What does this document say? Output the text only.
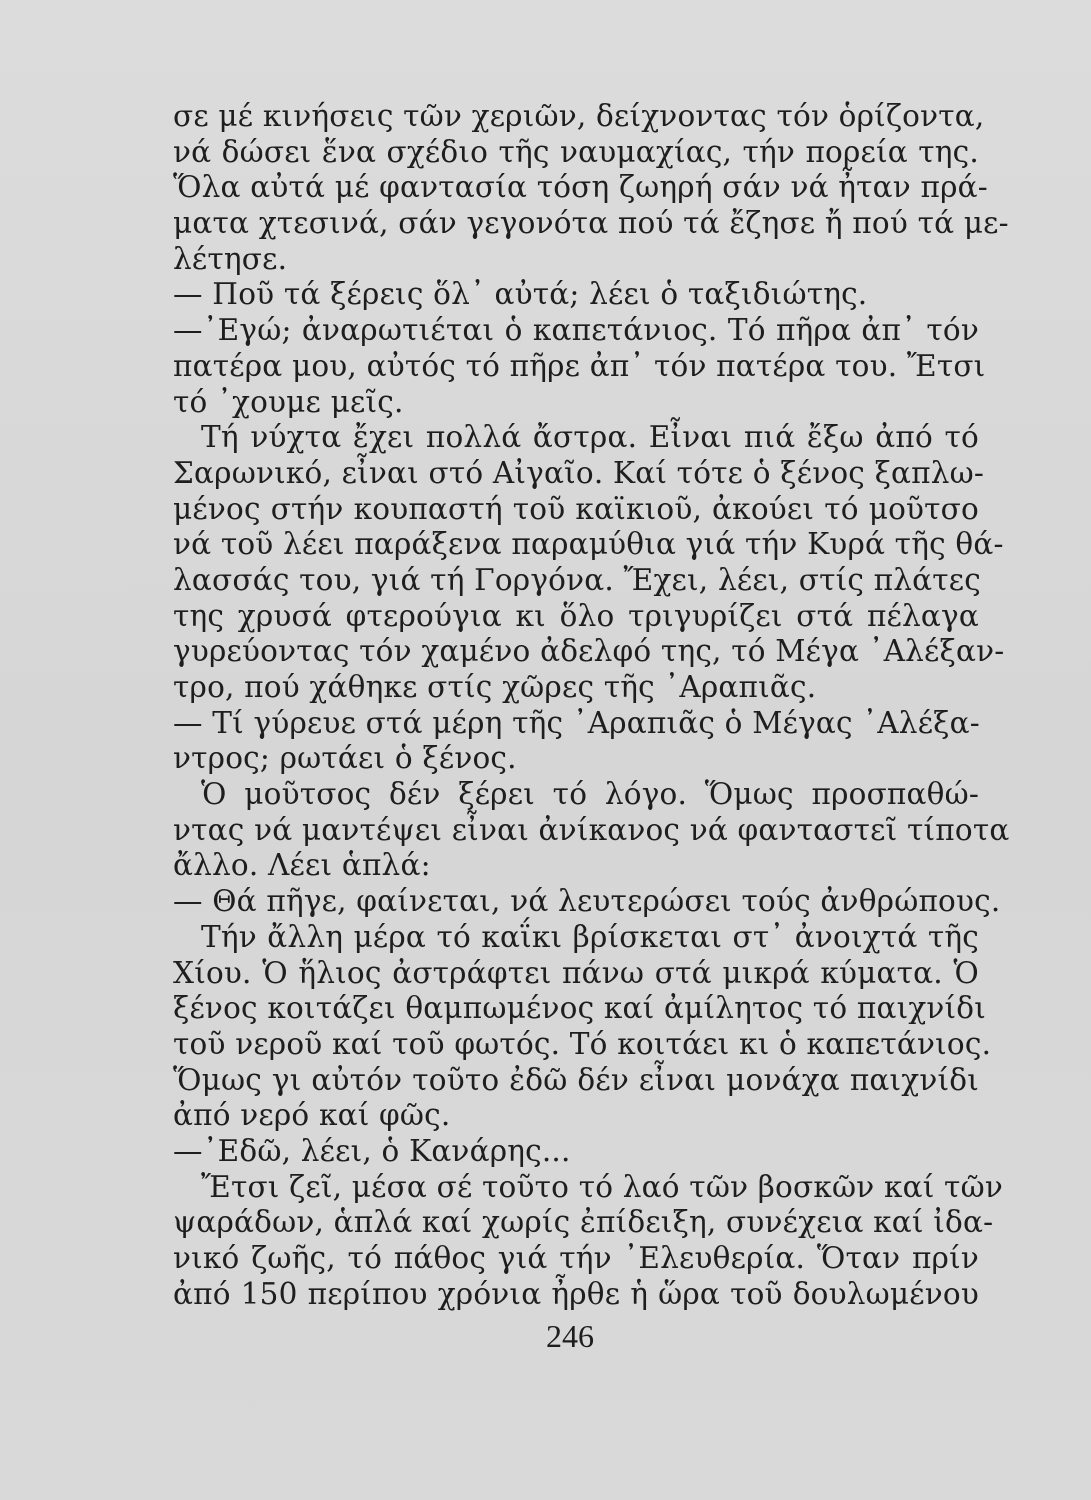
σε μέ κινήσεις τῶν χεριῶν, δείχνοντας τόν ὁρίζοντα,
νά δώσει ἕνα σχέδιο τῆς ναυμαχίας, τήν πορεία της.
Ὅλα αὐτά μέ φαντασία τόση ζωηρή σάν νά ἦταν πρά-
ματα χτεσινά, σάν γεγονότα πού τά ἔζησε ἤ πού τά με-
λέτησε.
— Ποῦ τά ξέρεις ὅλ᾽ αὐτά; λέει ὁ ταξιδιώτης.
—᾽Εγώ; ἀναρωτιέται ὁ καπετάνιος. Τό πῆρα ἀπ᾽ τόν
πατέρα μου, αὐτός τό πῆρε ἀπ᾽ τόν πατέρα του. Ἔτσι
τό ᾽χουμε μεῖς.
Τή νύχτα ἔχει πολλά ἄστρα. Εἶναι πιά ἔξω ἀπό τό
Σαρωνικό, εἶναι στό Αἰγαῖο. Καί τότε ὁ ξένος ξαπλω-
μένος στήν κουπαστή τοῦ καϊκιοῦ, ἀκούει τό μοῦτσο
νά τοῦ λέει παράξενα παραμύθια γιά τήν Κυρά τῆς θά-
λασσάς του, γιά τή Γοργόνα. Ἔχει, λέει, στίς πλάτες
της χρυσά φτερούγια κι ὅλο τριγυρίζει στά πέλαγα
γυρεύοντας τόν χαμένο ἀδελφό της, τό Μέγα ᾽Αλέξαν-
τρο, πού χάθηκε στίς χῶρες τῆς ᾽Αραπιᾶς.
— Τί γύρευε στά μέρη τῆς ᾽Αραπιᾶς ὁ Μέγας ᾽Αλέξα-
ντρος; ρωτάει ὁ ξένος.
Ὁ μοῦτσος δέν ξέρει τό λόγο. Ὅμως προσπαθώ-
ντας νά μαντέψει εἶναι ἀνίκανος νά φανταστεῖ τίποτα
ἄλλο. Λέει ἁπλά:
— Θά πῆγε, φαίνεται, νά λευτερώσει τούς ἀνθρώπους.
Τήν ἄλλη μέρα τό καΐκι βρίσκεται στ᾽ ἀνοιχτά τῆς
Χίου. Ὁ ἥλιος ἀστράφτει πάνω στά μικρά κύματα. Ὁ
ξένος κοιτάζει θαμπωμένος καί ἀμίλητος τό παιχνίδι
τοῦ νεροῦ καί τοῦ φωτός. Τό κοιτάει κι ὁ καπετάνιος.
Ὅμως γι αὐτόν τοῦτο ἐδῶ δέν εἶναι μονάχα παιχνίδι
ἀπό νερό καί φῶς.
—᾽Εδῶ, λέει, ὁ Κανάρης...
Ἔτσι ζεῖ, μέσα σέ τοῦτο τό λαό τῶν βοσκῶν καί τῶν
ψαράδων, ἁπλά καί χωρίς ἐπίδειξη, συνέχεια καί ἰδα-
νικό ζωῆς, τό πάθος γιά τήν ᾽Ελευθερία. Ὅταν πρίν
ἀπό 150 περίπου χρόνια ἦρθε ἡ ὥρα τοῦ δουλωμένου
246
